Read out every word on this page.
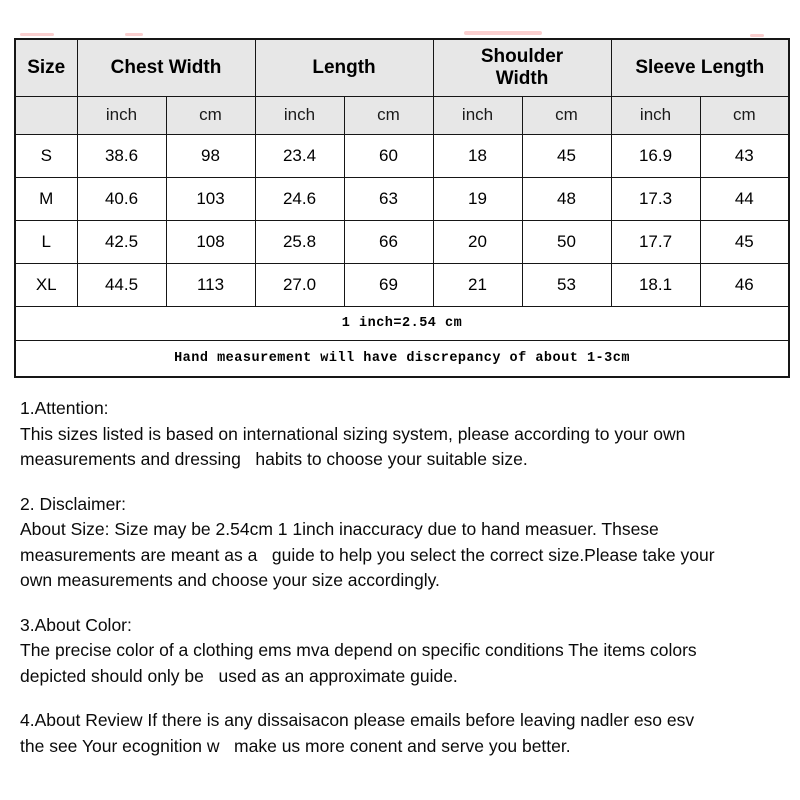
Size	Chest Width		Length		Shoulder Width		Sleeve Length	
	inch	cm	inch	cm	inch	cm	inch	cm
S	38.6	98	23.4	60	18	45	16.9	43
M	40.6	103	24.6	63	19	48	17.3	44
L	42.5	108	25.8	66	20	50	17.7	45
XL	44.5	113	27.0	69	21	53	18.1	46
1 inch=2.54 cm								
Hand measurement will have discrepancy of about 1-3cm								
1.Attention:
This sizes listed is based on international sizing system, please according to your own
measurements and dressing   habits to choose your suitable size.
2. Disclaimer:
About Size: Size may be 2.54cm 1 1inch inaccuracy due to hand measuer. Thsese
measurements are meant as a   guide to help you select the correct size.Please take your
own measurements and choose your size accordingly.
3.About Color:
The precise color of a clothing ems mva depend on specific conditions The items colors
depicted should only be   used as an approximate guide.
4.About Review If there is any dissaisacon please emails before leaving nadler eso esv
the see Your ecognition w   make us more conent and serve you better.
